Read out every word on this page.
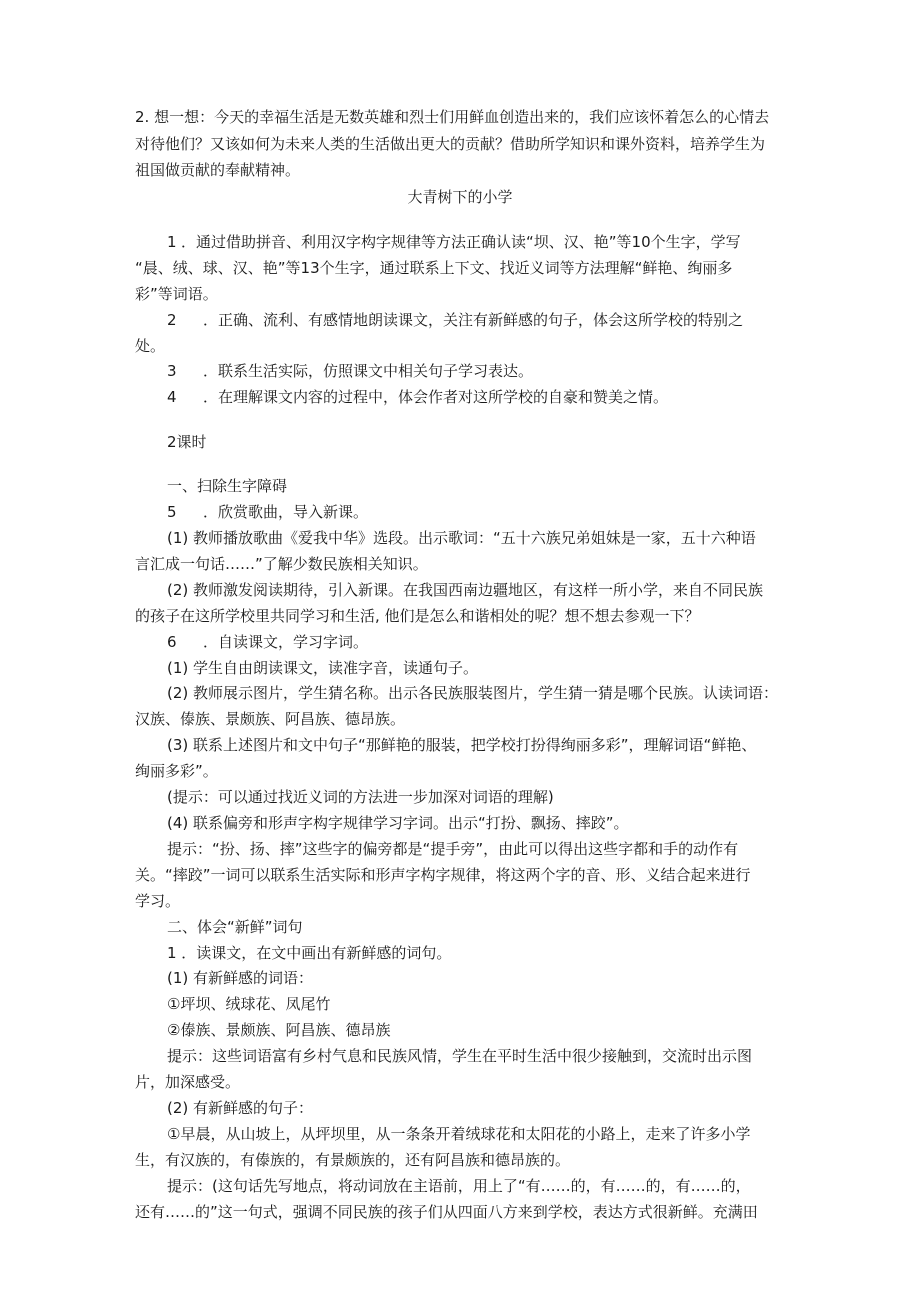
2. 想一想：今天的幸福生活是无数英雄和烈士们用鲜血创造出来的，我们应该怀着怎么的心情去
对待他们？又该如何为未来人类的生活做出更大的贡献？借助所学知识和课外资料，培养学生为
祖国做贡献的奉献精神。
大青树下的小学
1 ．通过借助拼音、利用汉字构字规律等方法正确认读“坝、汉、艳”等10个生字，学写
“晨、绒、球、汉、艳”等13个生字，通过联系上下文、找近义词等方法理解“鲜艳、绚丽多
彩”等词语。
2 ．正确、流利、有感情地朗读课文，关注有新鲜感的句子，体会这所学校的特别之
处。
3 ．联系生活实际，仿照课文中相关句子学习表达。
4 ．在理解课文内容的过程中，体会作者对这所学校的自豪和赞美之情。
2课时
一、扫除生字障碍
5 ．欣赏歌曲，导入新课。
(1) 教师播放歌曲《爱我中华》选段。出示歌词：“五十六族兄弟姐妹是一家，五十六种语
言汇成一句话……”了解少数民族相关知识。
(2) 教师激发阅读期待，引入新课。在我国西南边疆地区，有这样一所小学，来自不同民族
的孩子在这所学校里共同学习和生活, 他们是怎么和谐相处的呢？想不想去参观一下？
6 ．自读课文，学习字词。
(1) 学生自由朗读课文，读准字音，读通句子。
(2) 教师展示图片，学生猜名称。出示各民族服装图片，学生猜一猜是哪个民族。认读词语：
汉族、傣族、景颇族、阿昌族、德昂族。
(3) 联系上述图片和文中句子“那鲜艳的服装，把学校打扮得绚丽多彩”，理解词语“鲜艳、
绚丽多彩”。
(提示：可以通过找近义词的方法进一步加深对词语的理解)
(4) 联系偏旁和形声字构字规律学习字词。出示“打扮、飘扬、摔跤”。
提示：“扮、扬、摔”这些字的偏旁都是“提手旁”，由此可以得出这些字都和手的动作有
关。“摔跤”一词可以联系生活实际和形声字构字规律，将这两个字的音、形、义结合起来进行
学习。
二、体会“新鲜”词句
1 ．读课文，在文中画出有新鲜感的词句。
(1) 有新鲜感的词语：
①坪坝、绒球花、凤尾竹
②傣族、景颇族、阿昌族、德昂族
提示：这些词语富有乡村气息和民族风情，学生在平时生活中很少接触到，交流时出示图
片，加深感受。
(2) 有新鲜感的句子：
①早晨，从山坡上，从坪坝里，从一条条开着绒球花和太阳花的小路上，走来了许多小学
生，有汉族的，有傣族的，有景颇族的，还有阿昌族和德昂族的。
提示：(这句话先写地点，将动词放在主语前，用上了“有……的，有……的，有……的，
还有……的”这一句式，强调不同民族的孩子们从四面八方来到学校，表达方式很新鲜。充满田
